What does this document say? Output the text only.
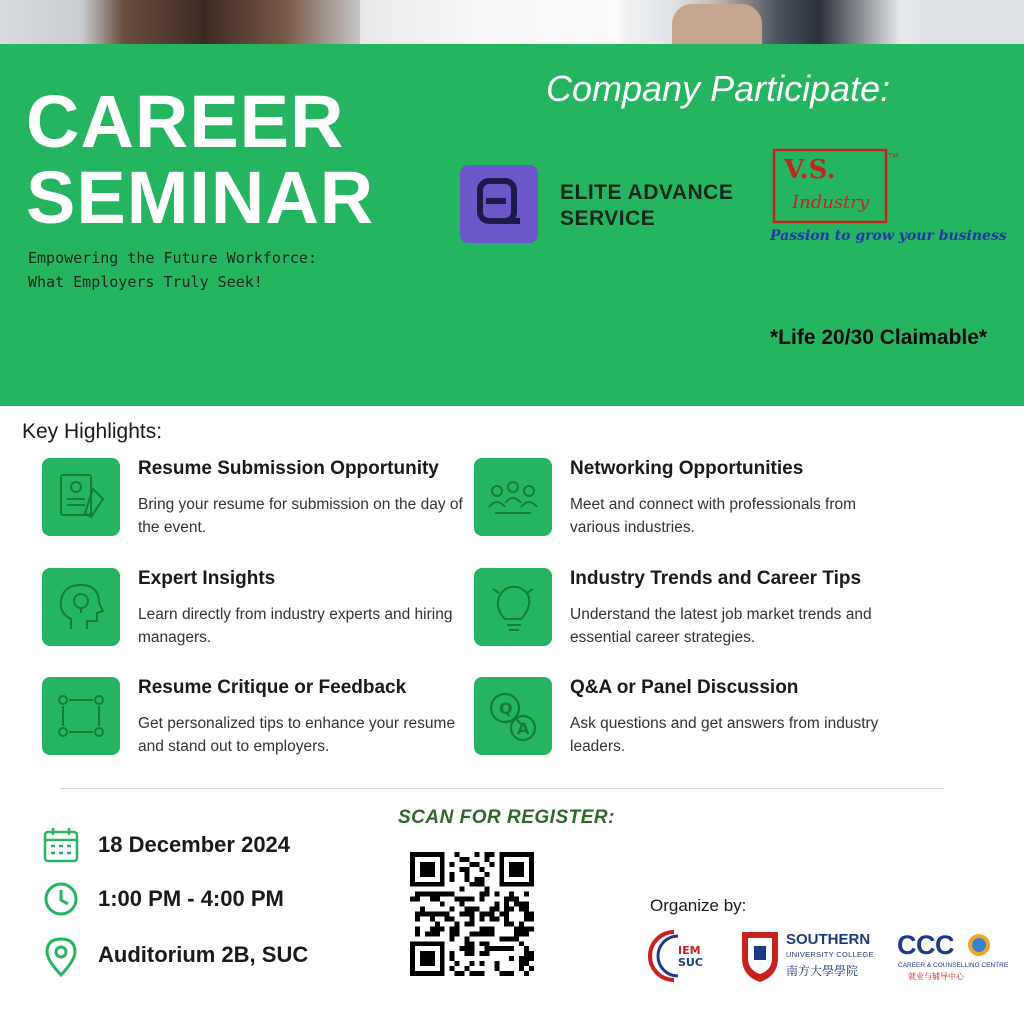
CAREER
SEMINAR
Empowering the Future Workforce:
What Employers Truly Seek!
Company Participate:
ELITE ADVANCE
SERVICE
V.S.
Industry
TM
Passion to grow your business
*Life 20/30 Claimable*
Key Highlights:
Resume Submission Opportunity
Bring your resume for submission on the day of the event.
Networking Opportunities
Meet and connect with professionals from various industries.
Expert Insights
Learn directly from industry experts and hiring managers.
Industry Trends and Career Tips
Understand the latest job market trends and essential career strategies.
Resume Critique or Feedback
Get personalized tips to enhance your resume and stand out to employers.
Q
A
Q&A or Panel Discussion
Ask questions and get answers from industry leaders.
18 December 2024
1:00 PM - 4:00 PM
Auditorium 2B, SUC
SCAN FOR REGISTER:
Organize by:
IEM
SUC
SOUTHERN
UNIVERSITY COLLEGE
南方大學學院
CCC
CAREER & COUNSELLING CENTRE
就业与辅导中心
